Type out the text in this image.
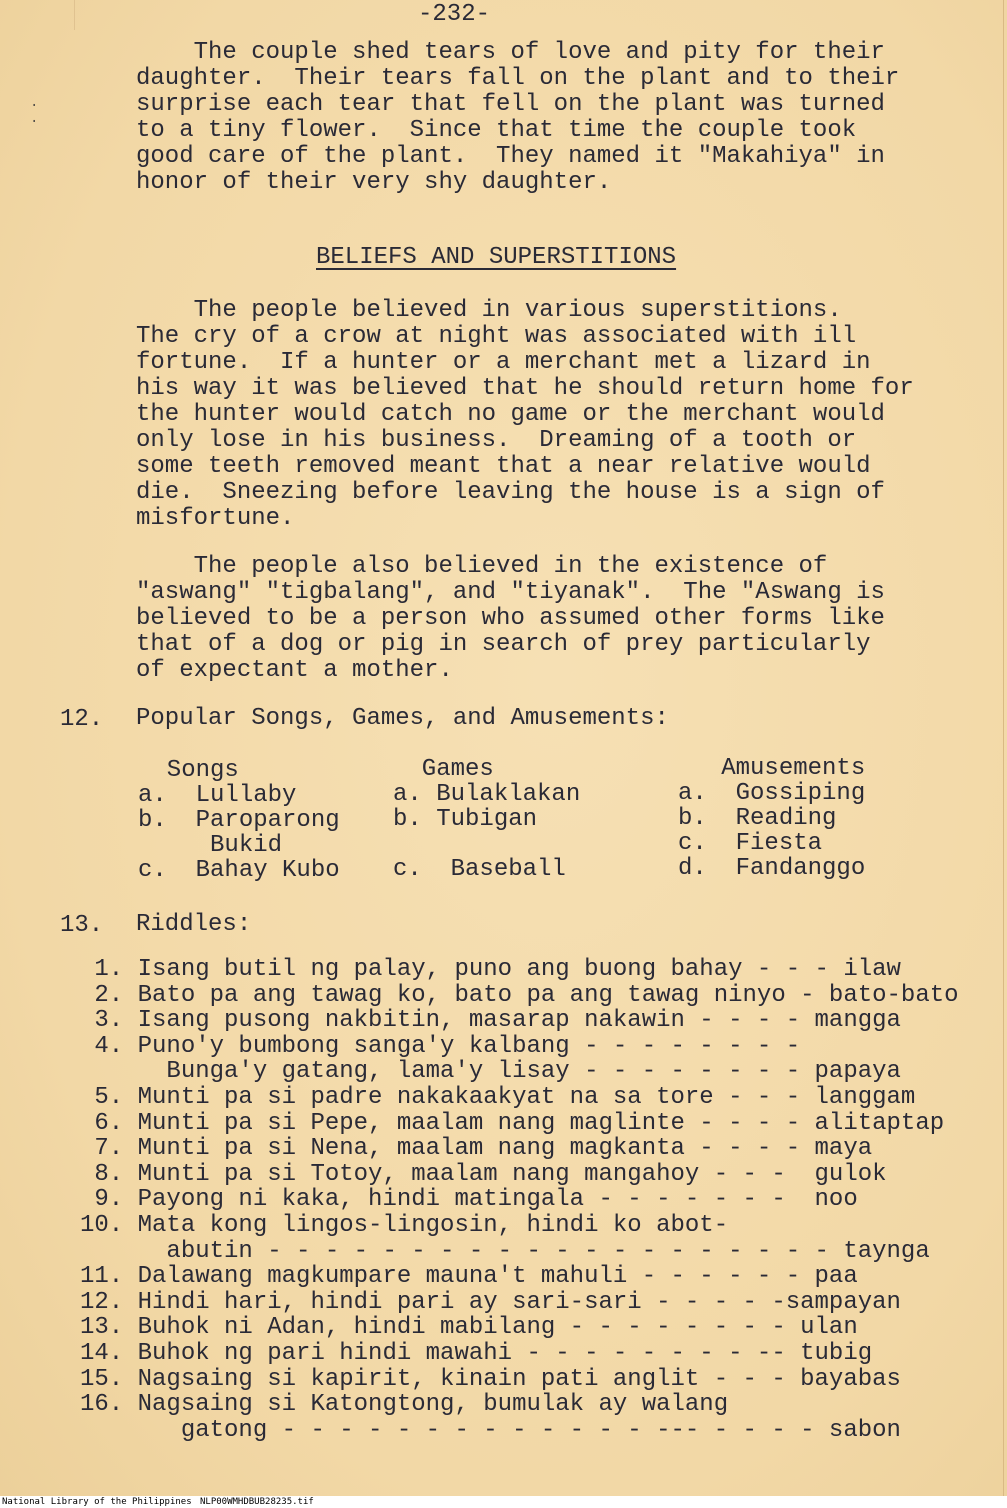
·
·
-232-
The couple shed tears of love and pity for their
daughter.  Their tears fall on the plant and to their
surprise each tear that fell on the plant was turned
to a tiny flower.  Since that time the couple took
good care of the plant.  They named it "Makahiya" in
honor of their very shy daughter.
BELIEFS AND SUPERSTITIONS
The people believed in various superstitions.
The cry of a crow at night was associated with ill
fortune.  If a hunter or a merchant met a lizard in
his way it was believed that he should return home for
the hunter would catch no game or the merchant would
only lose in his business.  Dreaming of a tooth or
some teeth removed meant that a near relative would
die.  Sneezing before leaving the house is a sign of
misfortune.
The people also believed in the existence of
"aswang" "tigbalang", and "tiyanak".  The "Aswang is
believed to be a person who assumed other forms like
that of a dog or pig in search of prey particularly
of expectant a mother.
12. Popular Songs, Games, and Amusements:
Songs
a.  Lullaby
b.  Paroparong
Bukid
c.  Bahay Kubo
Games
a. Bulaklakan
b. Tubigan

c.  Baseball
Amusements
a.  Gossiping
b.  Reading
c.  Fiesta
d.  Fandanggo
13. Riddles:
1. Isang butil ng palay, puno ang buong bahay - - - ilaw
2. Bato pa ang tawag ko, bato pa ang tawag ninyo - bato-bato
3. Isang pusong nakbitin, masarap nakawin - - - - mangga
4. Puno'y bumbong sanga'y kalbang - - - - - - - -
Bunga'y gatang, lama'y lisay - - - - - - - - papaya
5. Munti pa si padre nakakaakyat na sa tore - - - langgam
6. Munti pa si Pepe, maalam nang maglinte - - - - alitaptap
7. Munti pa si Nena, maalam nang magkanta - - - - maya
8. Munti pa si Totoy, maalam nang mangahoy - - -  gulok
9. Payong ni kaka, hindi matingala - - - - - - -  noo
10. Mata kong lingos-lingosin, hindi ko abot-
abutin - - - - - - - - - - - - - - - - - - - - taynga
11. Dalawang magkumpare mauna't mahuli - - - - - - paa
12. Hindi hari, hindi pari ay sari-sari - - - - -sampayan
13. Buhok ni Adan, hindi mabilang - - - - - - - - ulan
14. Buhok ng pari hindi mawahi - - - - - - - - -- tubig
15. Nagsaing si kapirit, kinain pati anglit - - - bayabas
16. Nagsaing si Katongtong, bumulak ay walang
gatong - - - - - - - - - - - - - --- - - - - sabon
National Library of the Philippines NLP00WMHDBUB28235.tif
